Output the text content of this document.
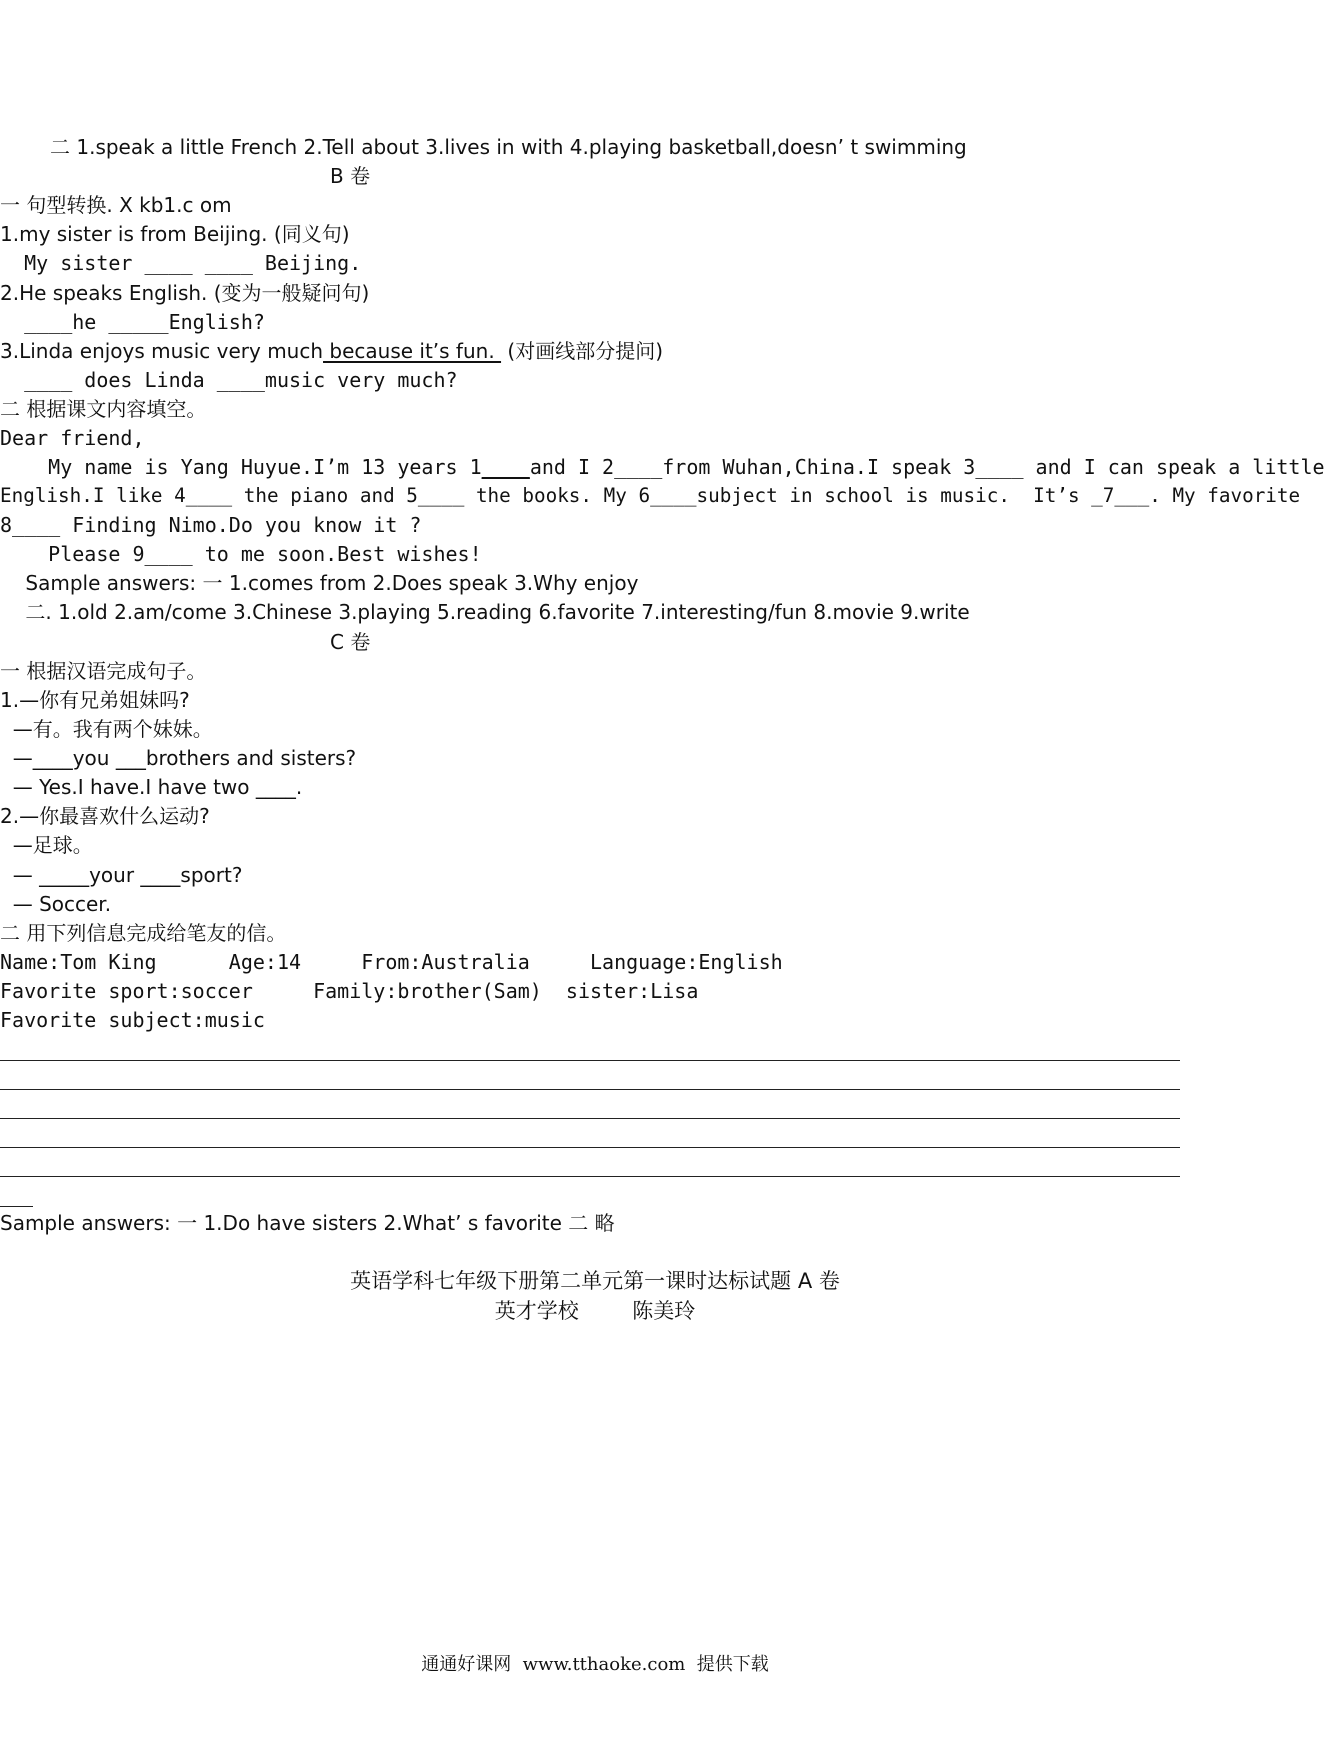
二 1.speak a little French 2.Tell about 3.lives in with 4.playing basketball,doesn’ t swimming
B 卷
一 句型转换. X kb1.c om
1.my sister is from Beijing. (同义句)
My sister ____ ____ Beijing.
2.He speaks English. (变为一般疑问句)
____he _____English?
3.Linda enjoys music very much because it’s fun.  (对画线部分提问)
____ does Linda ____music very much?
二 根据课文内容填空。
Dear friend,
My name is Yang Huyue.I’m 13 years 1____and I 2____from Wuhan,China.I speak 3____ and I can speak a little
English.I like 4____ the piano and 5____ the books. My 6____subject in school is music.  It’s _7___. My favorite
8____ Finding Nimo.Do you know it ?
Please 9____ to me soon.Best wishes!
Sample answers: 一 1.comes from 2.Does speak 3.Why enjoy
二. 1.old 2.am/come 3.Chinese 3.playing 5.reading 6.favorite 7.interesting/fun 8.movie 9.write
C 卷
一 根据汉语完成句子。
1.—你有兄弟姐妹吗?
—有。我有两个妹妹。
—____you ___brothers and sisters?
— Yes.I have.I have two ____.
2.—你最喜欢什么运动?
—足球。
— _____your ____sport?
— Soccer.
二 用下列信息完成给笔友的信。
Name:Tom King      Age:14     From:Australia     Language:English
Favorite sport:soccer     Family:brother(Sam)  sister:Lisa
Favorite subject:music
Sample answers: 一 1.Do have sisters 2.What’ s favorite 二 略
英语学科七年级下册第二单元第一课时达标试题 A 卷
英才学校        陈美玲
通通好课网  www.tthaoke.com  提供下载
